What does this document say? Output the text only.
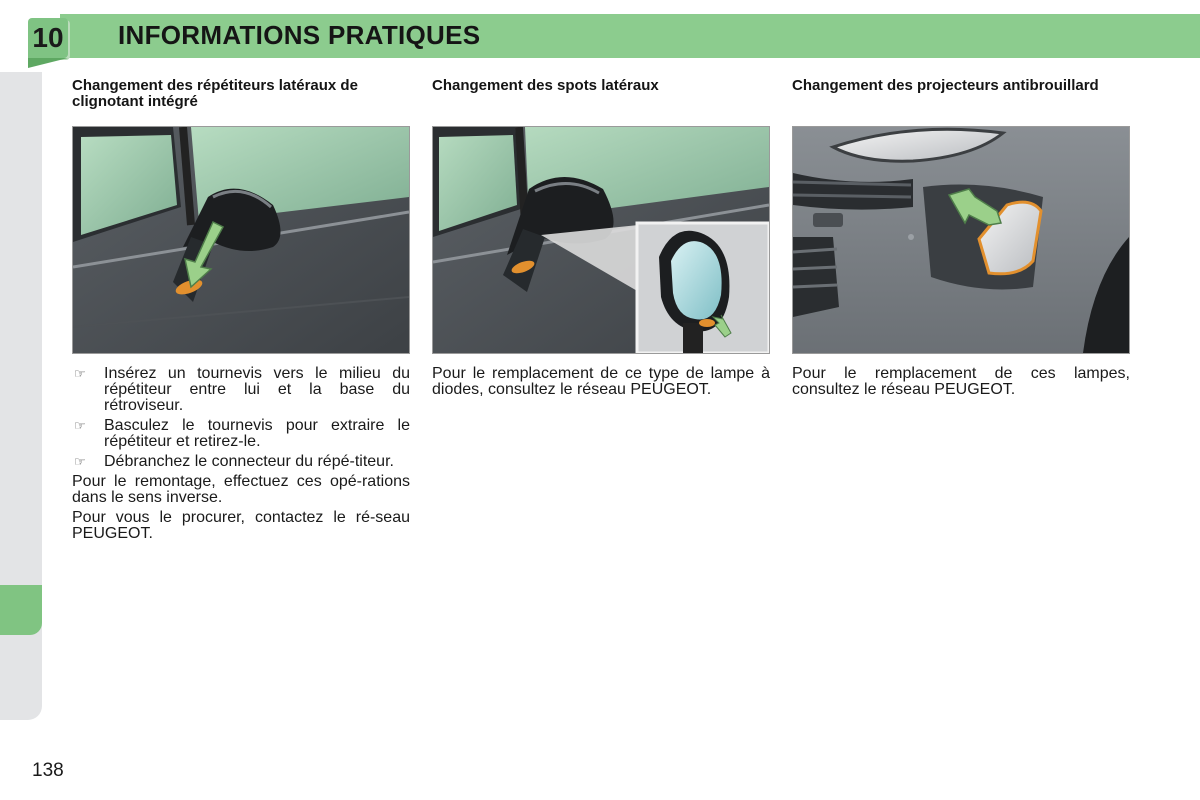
10 INFORMATIONS PRATIQUES
Changement des répétiteurs latéraux de clignotant intégré
☞	Insérez un tournevis vers le milieu du répétiteur entre lui et la base du rétroviseur.
☞	Basculez le tournevis pour extraire le répétiteur et retirez-le.
☞	Débranchez le connecteur du répé-titeur.

Pour le remontage, effectuez ces opé-rations dans le sens inverse.

Pour vous le procurer, contactez le ré-seau PEUGEOT.

Changement des spots latéraux

Pour le remplacement de ce type de lampe à diodes, consultez le réseau PEUGEOT.

Changement des projecteurs antibrouillard

Pour le remplacement de ces lampes, consultez le réseau PEUGEOT.

138
